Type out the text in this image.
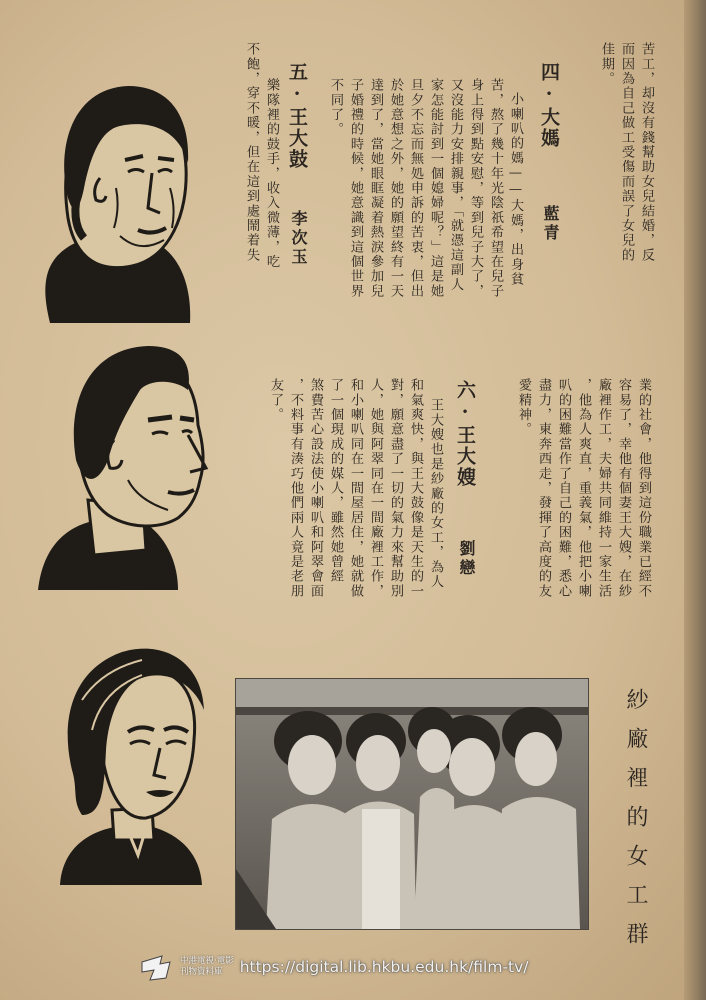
苦工，却沒有錢幫助女兒結婚，反
而因為自己做工受傷而誤了女兒的
佳期。
四·大媽
藍青
小喇叭的媽——大媽，出身貧
苦，熬了幾十年光陰祇希望在兒子
身上得到點安慰，等到兒子大了，
又沒能力安排親事，「就憑這副人
家怎能討到一個媳婦呢？」這是她
旦夕不忘而無処申訴的苦衷，但出
於她意想之外，她的願望終有一天
達到了，當她眼眶凝着熱淚參加兒
子婚禮的時候，她意識到這個世界
不同了。
五·王大鼓
李次玉
樂隊裡的鼓手，收入微薄，吃
不飽，穿不暖，但在這到處鬧着失
業的社會，他得到這份職業已經不
容易了，幸他有個妻王大嫂，在紗
廠裡作工，夫婦共同維持一家生活
，他為人爽直，重義氣，他把小喇
叭的困難當作了自己的困難，悉心
盡力，東奔西走，發揮了高度的友
愛精神。
六·王大嫂
劉戀
王大嫂也是紗廠的女工，為人
和氣爽快，與王大鼓像是天生的一
對，願意盡了一切的氣力來幫助別
人，她與阿翠同在一間廠裡工作，
和小喇叭同在一間屋居住，她就做
了一個現成的媒人，雖然她曾經
煞費苦心設法使小喇叭和阿翠會面
，不料事有湊巧他們兩人竟是老朋
友了。
紗廠裡的女工群
中港電視·電影
刊物資料庫	https://digital.lib.hkbu.edu.hk/film-tv/
